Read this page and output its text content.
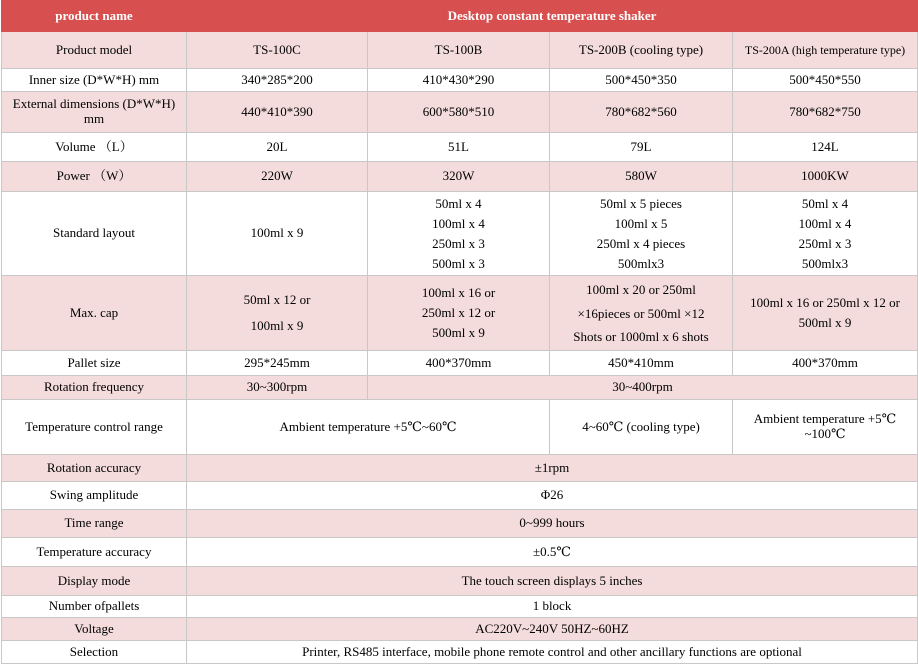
product name	Desktop constant temperature shaker			
Product model	TS-100C	TS-100B	TS-200B (cooling type)	TS-200A (high temperature type)
Inner size (D*W*H) mm	340*285*200	410*430*290	500*450*350	500*450*550
External dimensions (D*W*H) mm	440*410*390	600*580*510	780*682*560	780*682*750
Volume （L）	20L	51L	79L	124L
Power （W）	220W	320W	580W	1000KW
Standard layout	100ml x 9	50ml x 4
100ml x 4
250ml x 3
500ml x 3	50ml x 5 pieces
100ml x 5
250ml x 4 pieces
500mlx3	50ml x 4
100ml x 4
250ml x 3
500mlx3

Max. cap	50ml x 12 or
100ml x 9	100ml x 16 or
250ml x 12 or
500ml x 9	100ml x 20 or 250ml
×16pieces or 500ml ×12
Shots or 1000ml x 6 shots	100ml x 16 or 250ml x 12 or
500ml x 9

Pallet size	295*245mm	400*370mm	450*410mm	400*370mm
Rotation frequency	30~300rpm	30~400rpm		
Temperature control range	Ambient temperature +5℃~60℃		4~60℃ (cooling type)	Ambient temperature +5℃ ~100℃
Rotation accuracy	±1rpm			
Swing amplitude	Φ26			
Time range	0~999 hours			
Temperature accuracy	±0.5℃			
Display mode	The touch screen displays 5 inches			
Number ofpallets	1 block			
Voltage	AC220V~240V 50HZ~60HZ			
Selection	Printer, RS485 interface, mobile phone remote control and other ancillary functions are optional			
